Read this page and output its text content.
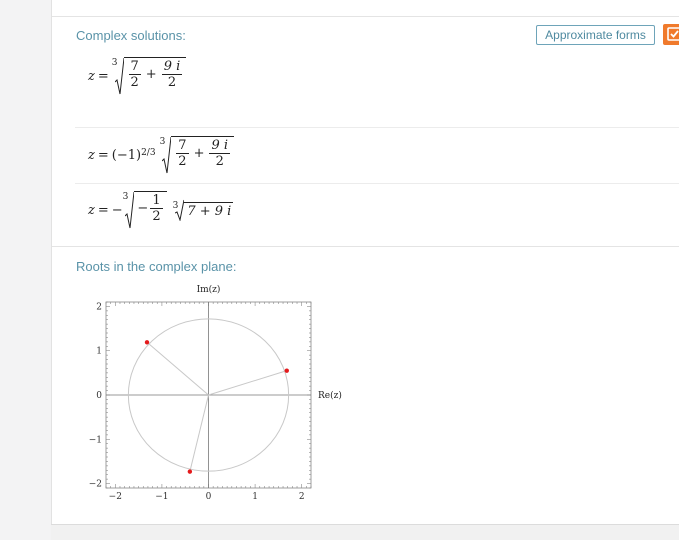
Complex solutions:	Approximate forms
z =
$3 \frac{7}{2} + \frac{9 i}{2}$
$z = (-1)^{2/3}$
$3 \frac{7}{2} + \frac{9 i}{2}$
z = −
3
− $\frac{1}{2} 3$ 7 + 9 i
Roots in the complex plane:
−2	−1	0	1	2
2
1
0
−1
−2
Im(z)
Re(z)
